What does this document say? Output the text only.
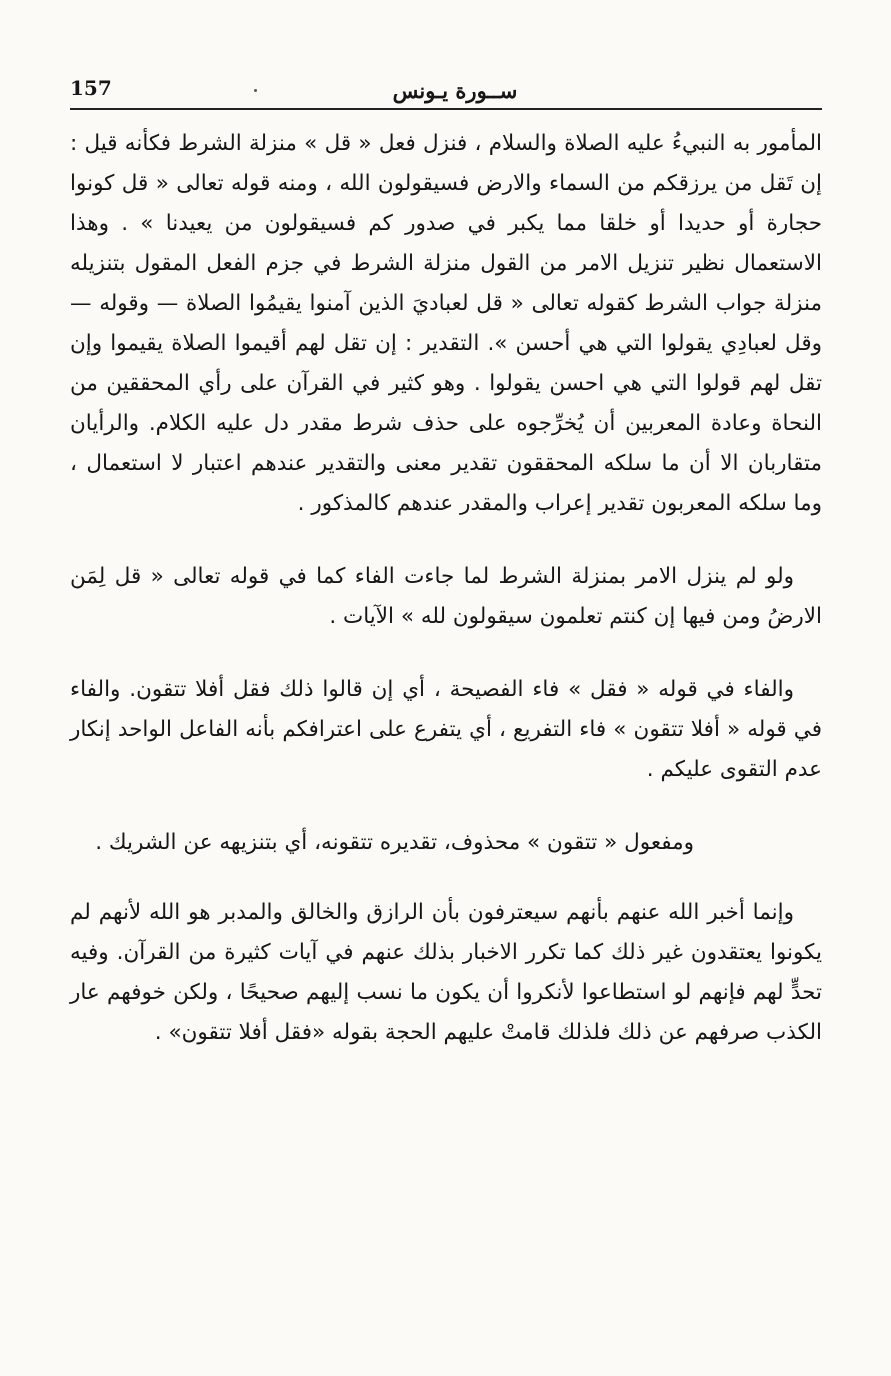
157	ســورة يـونس

المأمور به النبيءُ عليه الصلاة والسلام ، فنزل فعل « قل » منزلة الشرط فكأنه قيل : إن تَقل من يرزقكم من السماء والارض فسيقولون الله ، ومنه قوله تعالى « قل كونوا حجارة أو حديدا أو خلقا مما يكبر في صدور كم فسيقولون من يعيدنا » . وهذا الاستعمال نظير تنزيل الامر من القول منزلة الشرط في جزم الفعل المقول بتنزيله منزلة جواب الشرط كقوله تعالى « قل لعباديَ الذين آمنوا يقيمُوا الصلاة — وقوله — وقل لعبادِي يقولوا التي هي أحسن ». التقدير : إن تقل لهم أقيموا الصلاة يقيموا وإن تقل لهم قولوا التي هي احسن يقولوا . وهو كثير في القرآن على رأي المحققين من النحاة وعادة المعربين أن يُخرِّجوه على حذف شرط مقدر دل عليه الكلام. والرأيان متقاربان الا أن ما سلكه المحققون تقدير معنى والتقدير عندهم اعتبار لا استعمال ، وما سلكه المعربون تقدير إعراب والمقدر عندهم كالمذكور .

ولو لم ينزل الامر بمنزلة الشرط لما جاءت الفاء كما في قوله تعالى « قل لِمَن الارضُ ومن فيها إن كنتم تعلمون سيقولون لله » الآيات .

والفاء في قوله « فقل » فاء الفصيحة ، أي إن قالوا ذلك فقل أفلا تتقون. والفاء في قوله « أفلا تتقون » فاء التفريع ، أي يتفرع على اعترافكم بأنه الفاعل الواحد إنكار عدم التقوى عليكم .

ومفعول « تتقون » محذوف، تقديره تتقونه، أي بتنزيهه عن الشريك .

وإنما أخبر الله عنهم بأنهم سيعترفون بأن الرازق والخالق والمدبر هو الله لأنهم لم يكونوا يعتقدون غير ذلك كما تكرر الاخبار بذلك عنهم في آيات كثيرة من القرآن. وفيه تحدٍّ لهم فإنهم لو استطاعوا لأنكروا أن يكون ما نسب إليهم صحيحًا ، ولكن خوفهم عار الكذب صرفهم عن ذلك فلذلك قامتْ عليهم الحجة بقوله «فقل أفلا تتقون» .
